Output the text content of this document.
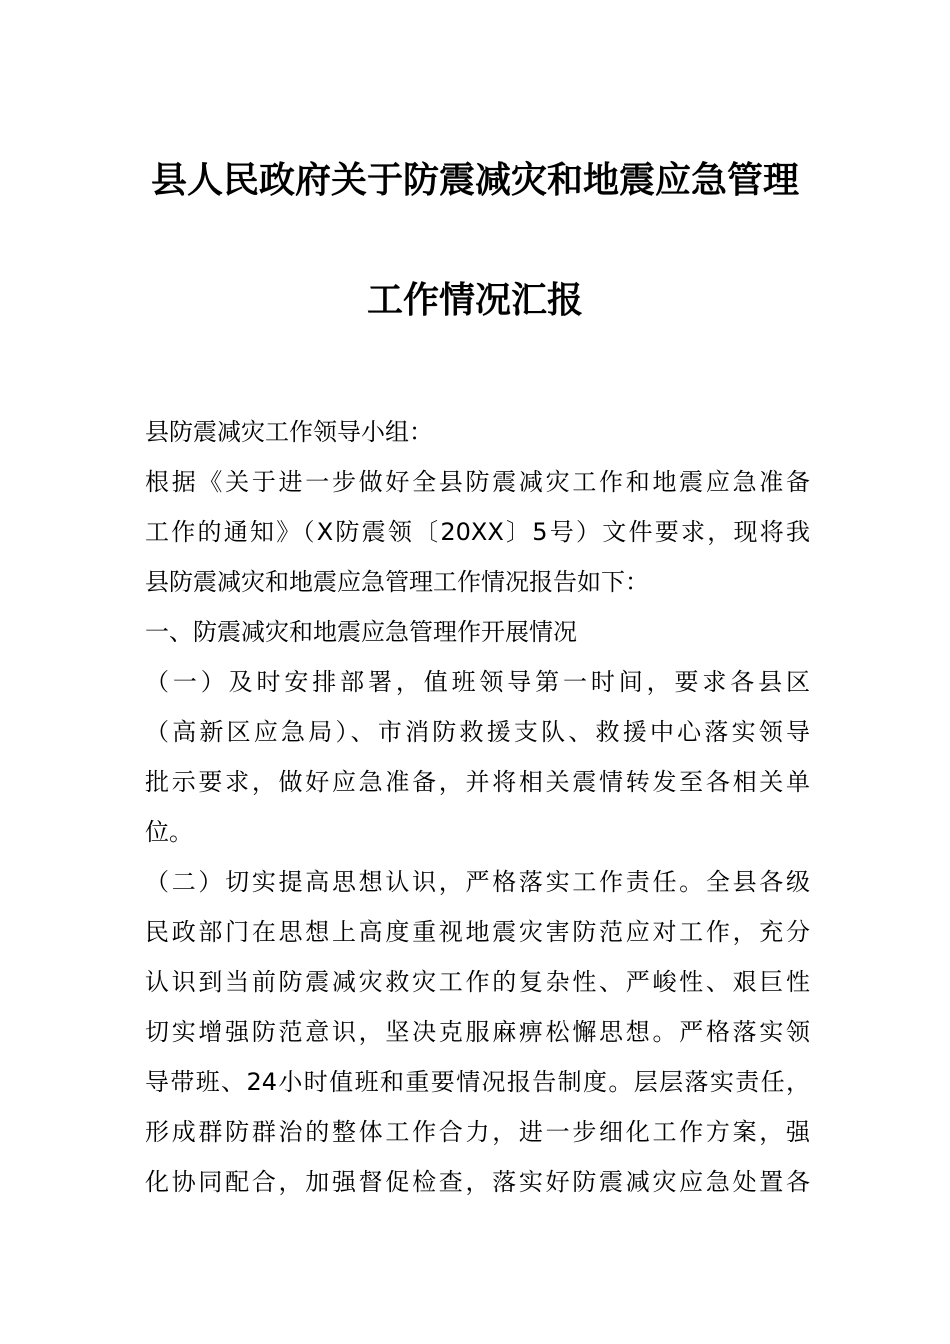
县人民政府关于防震减灾和地震应急管理
工作情况汇报
县防震减灾工作领导小组：
根据《关于进一步做好全县防震减灾工作和地震应急准备
工作的通知》（X防震领〔20XX〕5号）文件要求，现将我
县防震减灾和地震应急管理工作情况报告如下：
一、防震减灾和地震应急管理作开展情况
（一）及时安排部署，值班领导第一时间，要求各县区
（高新区应急局）、市消防救援支队、救援中心落实领导
批示要求，做好应急准备，并将相关震情转发至各相关单
位。
（二）切实提高思想认识，严格落实工作责任。全县各级
民政部门在思想上高度重视地震灾害防范应对工作，充分
认识到当前防震减灾救灾工作的复杂性、严峻性、艰巨性
切实增强防范意识，坚决克服麻痹松懈思想。严格落实领
导带班、24小时值班和重要情况报告制度。层层落实责任，
形成群防群治的整体工作合力，进一步细化工作方案，强
化协同配合，加强督促检查，落实好防震减灾应急处置各
